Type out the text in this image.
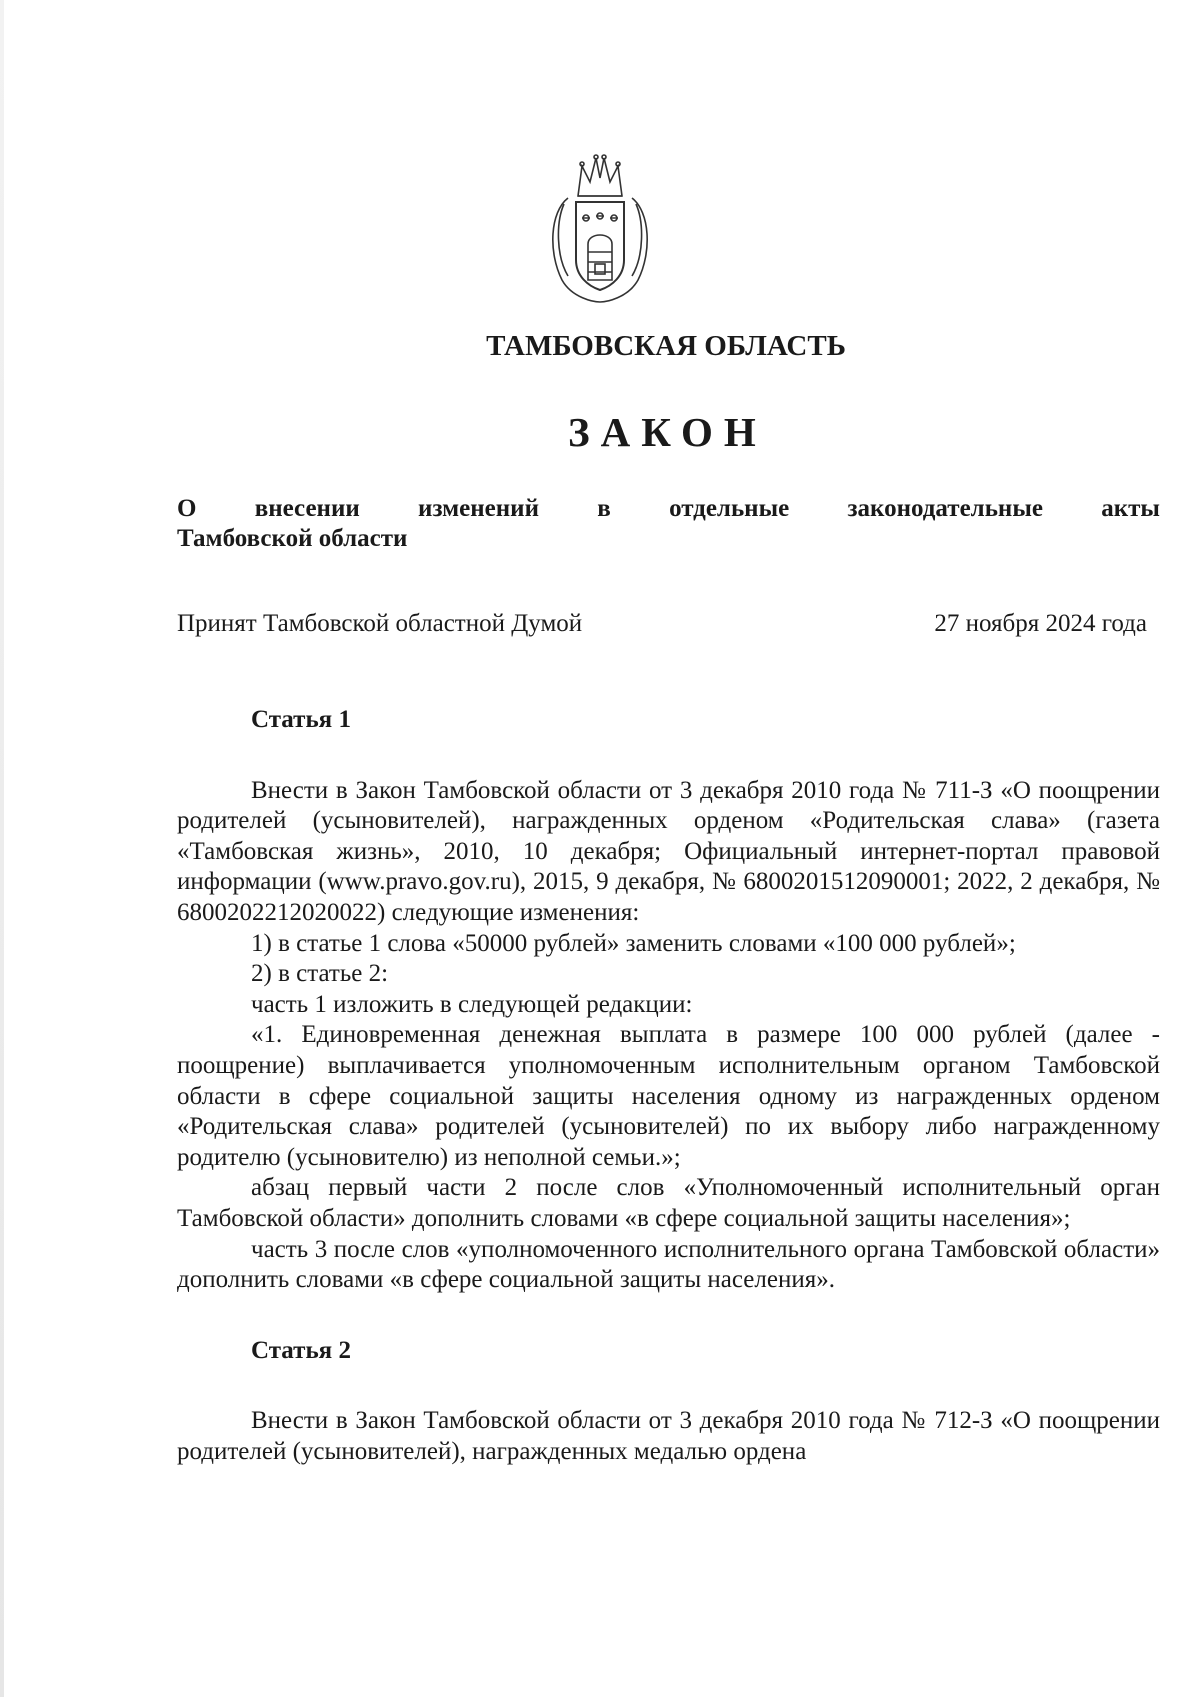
ТАМБОВСКАЯ ОБЛАСТЬ
ЗАКОН
О внесении изменений в отдельные законодательные акты
Тамбовской области
Принят Тамбовской областной Думой	27 ноября 2024 года
Статья 1

Внести в Закон Тамбовской области от 3 декабря 2010 года № 711-З «О поощрении родителей (усыновителей), награжденных орденом «Родительская слава» (газета «Тамбовская жизнь», 2010, 10 декабря; Официальный интернет-портал правовой информации (www.pravo.gov.ru), 2015, 9 декабря, № 6800201512090001; 2022, 2 декабря, № 6800202212020022) следующие изменения:

1) в статье 1 слова «50000 рублей» заменить словами «100 000 рублей»;

2) в статье 2:

часть 1 изложить в следующей редакции:

«1. Единовременная денежная выплата в размере 100 000 рублей (далее - поощрение) выплачивается уполномоченным исполнительным органом Тамбовской области в сфере социальной защиты населения одному из награжденных орденом «Родительская слава» родителей (усыновителей) по их выбору либо награжденному родителю (усыновителю) из неполной семьи.»;

абзац первый части 2 после слов «Уполномоченный исполнительный орган Тамбовской области» дополнить словами «в сфере социальной защиты населения»;

часть 3 после слов «уполномоченного исполнительного органа Тамбовской области» дополнить словами «в сфере социальной защиты населения».

Статья 2

Внести в Закон Тамбовской области от 3 декабря 2010 года № 712-З «О поощрении родителей (усыновителей), награжденных медалью ордена
